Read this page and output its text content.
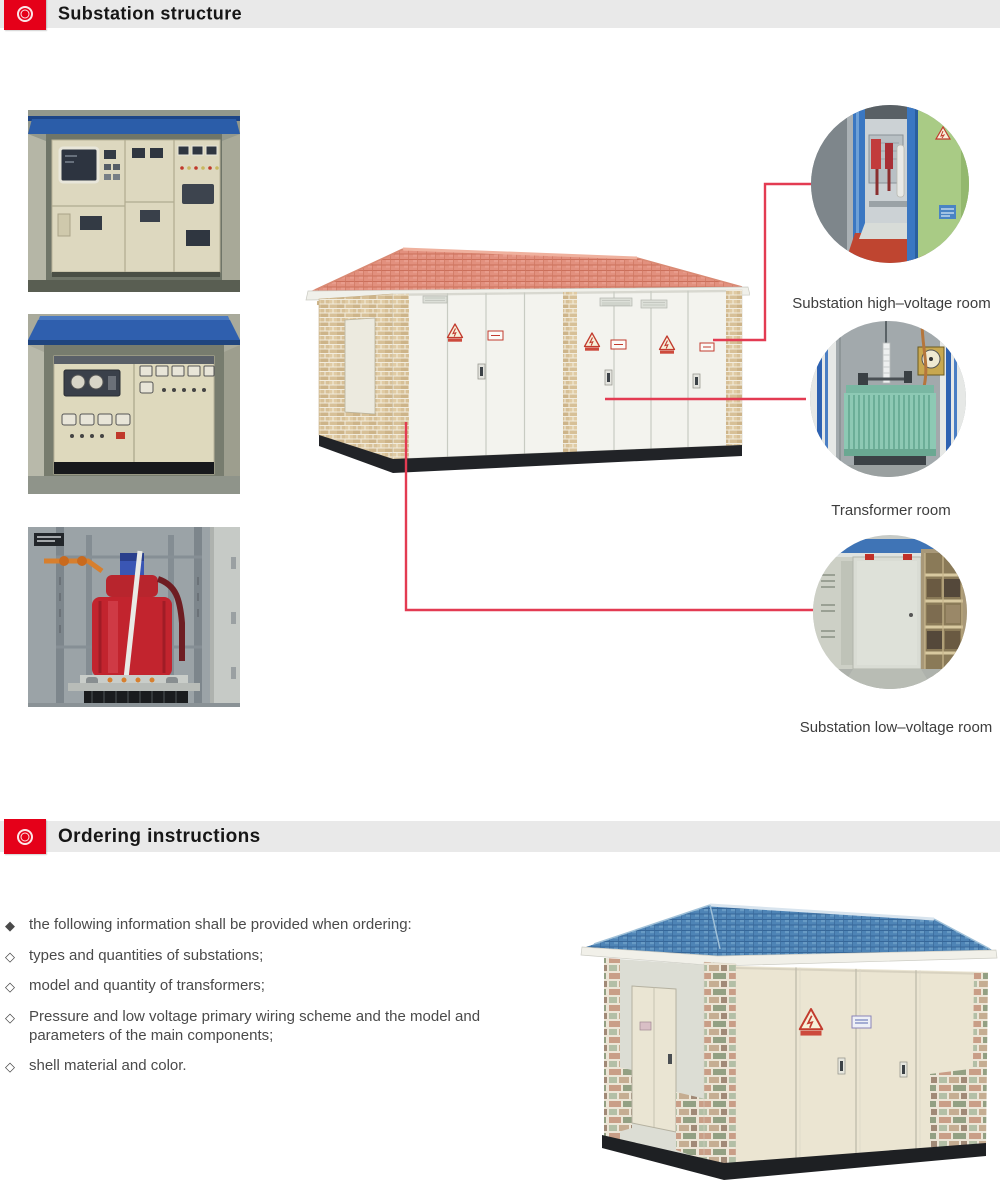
Substation structure
Substation high–voltage room
Transformer room
Substation low–voltage room
Ordering instructions
◆ the following information shall be provided when ordering:
◇ types and quantities of substations;
◇ model and quantity of transformers;
◇ Pressure and low voltage primary wiring scheme and the model and parameters of the main components;
◇ shell material and color.
